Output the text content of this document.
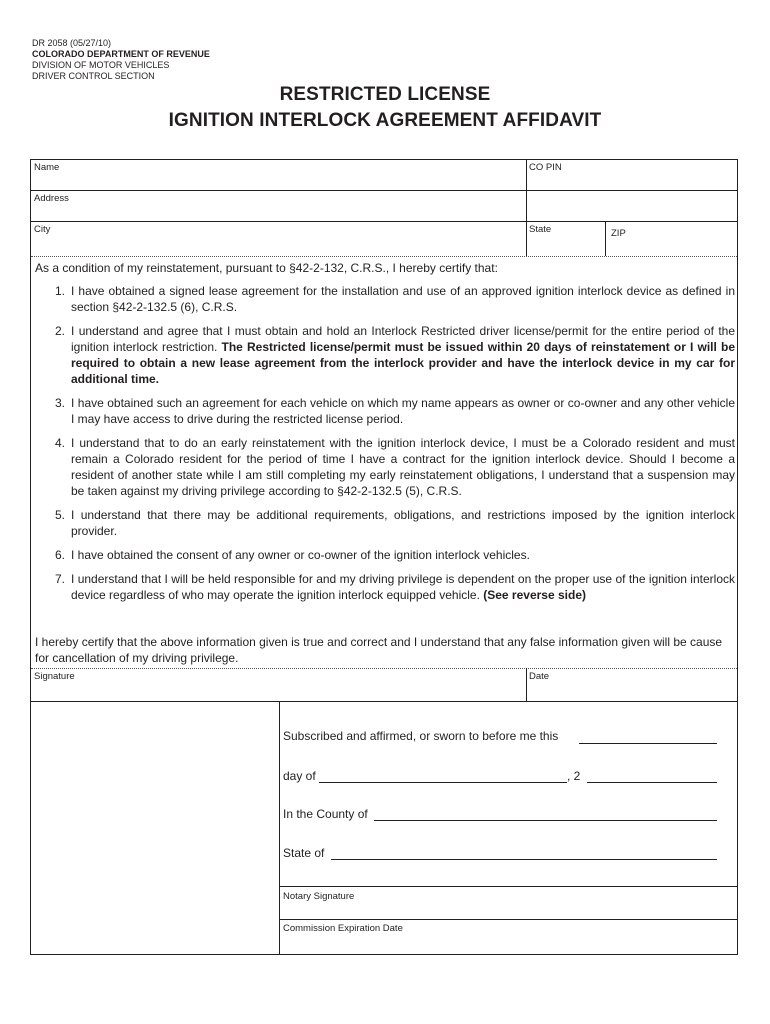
DR 2058 (05/27/10)
COLORADO DEPARTMENT OF REVENUE
DIVISION OF MOTOR VEHICLES
DRIVER CONTROL SECTION
RESTRICTED LICENSE
IGNITION INTERLOCK AGREEMENT AFFIDAVIT
Name	CO PIN
Address
City	State	ZIP
As a condition of my reinstatement, pursuant to §42-2-132, C.R.S., I hereby certify that:
1. I have obtained a signed lease agreement for the installation and use of an approved ignition interlock device as defined in section §42-2-132.5 (6), C.R.S.
2. I understand and agree that I must obtain and hold an Interlock Restricted driver license/permit for the entire period of the ignition interlock restriction. The Restricted license/permit must be issued within 20 days of reinstatement or I will be required to obtain a new lease agreement from the interlock provider and have the interlock device in my car for additional time.
3. I have obtained such an agreement for each vehicle on which my name appears as owner or co-owner and any other vehicle I may have access to drive during the restricted license period.
4. I understand that to do an early reinstatement with the ignition interlock device, I must be a Colorado resident and must remain a Colorado resident for the period of time I have a contract for the ignition interlock device. Should I become a resident of another state while I am still completing my early reinstatement obligations, I understand that a suspension may be taken against my driving privilege according to §42-2-132.5 (5), C.R.S.
5. I understand that there may be additional requirements, obligations, and restrictions imposed by the ignition interlock provider.
6. I have obtained the consent of any owner or co-owner of the ignition interlock vehicles.
7. I understand that I will be held responsible for and my driving privilege is dependent on the proper use of the ignition interlock device regardless of who may operate the ignition interlock equipped vehicle. (See reverse side)
I hereby certify that the above information given is true and correct and I understand that any false information given will be cause for cancellation of my driving privilege.
Signature	Date
Subscribed and affirmed, or sworn to before me this
day of	, 2
In the County of
State of
Notary Signature
Commission Expiration Date
